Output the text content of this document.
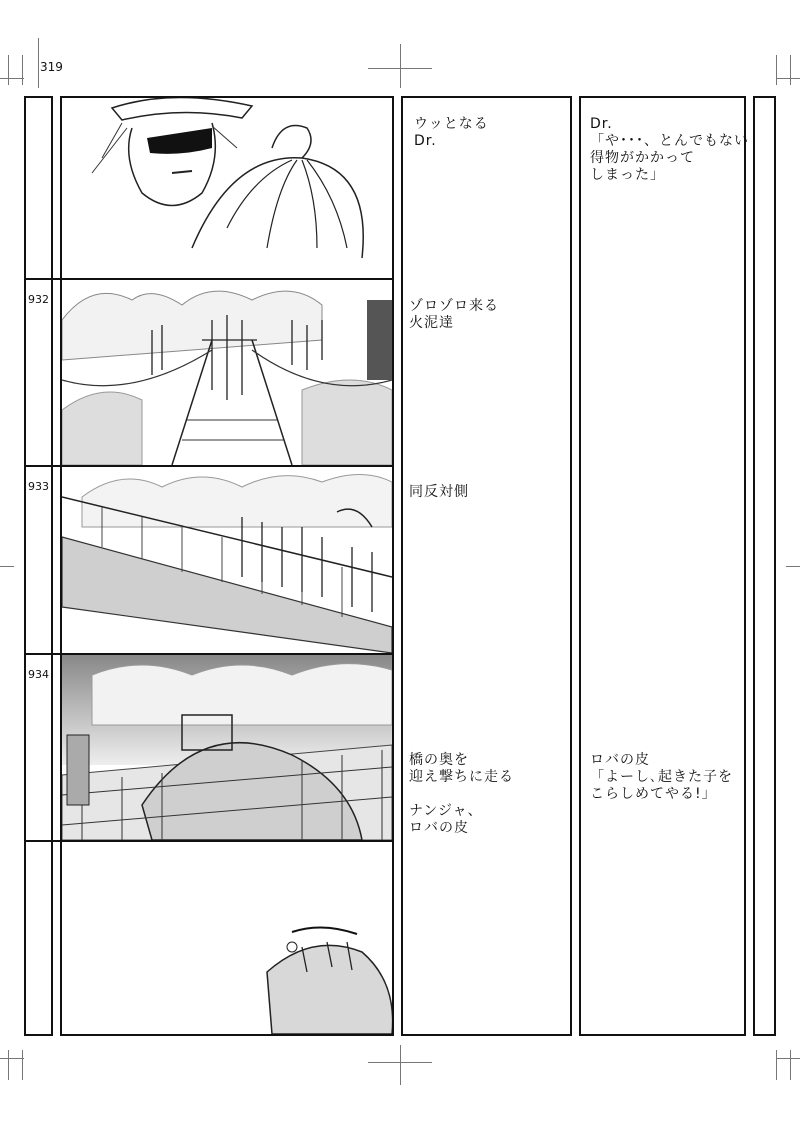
319
932
933
934
ウッとなる
Dr.
ゾロゾロ来る
火泥達
同反対側
橋の奥を
迎え撃ちに走る

ナンジャ、
ロバの皮
Dr.
「や･･･、とんでもない
得物がかかって
しまった」
ロバの皮
「よーし､起きた子を
こらしめてやる!」
